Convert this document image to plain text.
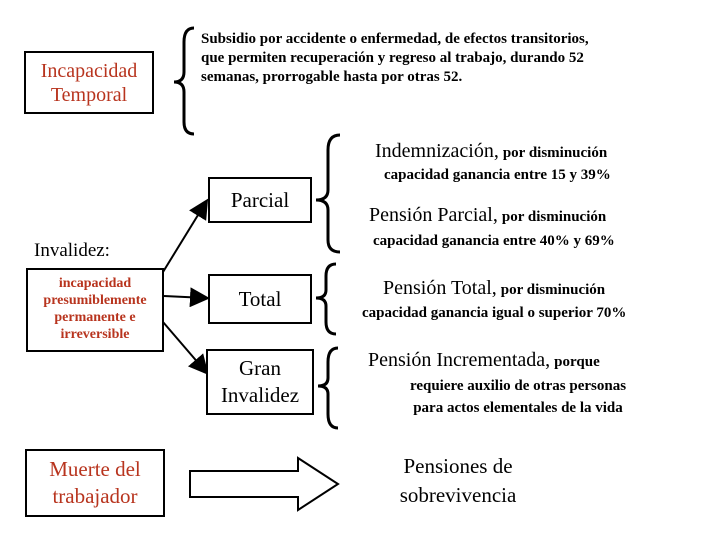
Incapacidad Temporal
Subsidio por accidente o enfermedad, de efectos transitorios, que permiten recuperación y regreso al trabajo, durando 52 semanas, prorrogable hasta por otras 52.
Invalidez:
incapacidad presumiblemente permanente e irreversible
Parcial
Indemnización, por disminución
capacidad ganancia entre 15 y 39%
Pensión Parcial, por disminución
capacidad ganancia entre 40% y 69%
Total	Pensión Total, por disminución
capacidad ganancia igual o superior 70%
Gran
Invalidez
Pensión Incrementada, porque
requiere auxilio de otras personas
para actos elementales de la vida
Muerte del trabajador
Pensiones de
sobrevivencia
